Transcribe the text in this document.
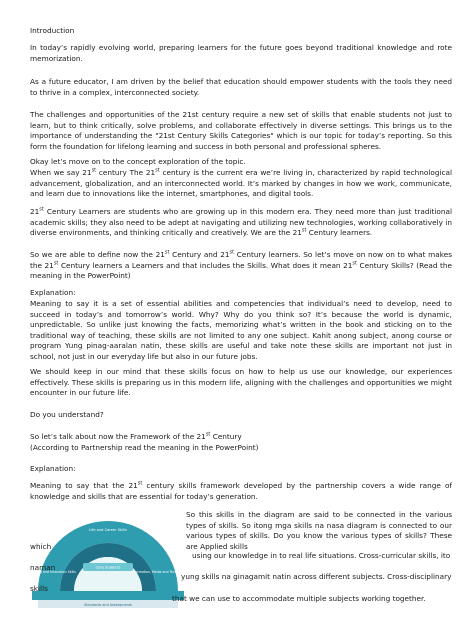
Introduction

In today’s rapidly evolving world, preparing learners for the future goes beyond traditional knowledge and rote memorization.

As a future educator, I am driven by the belief that education should empower students with the tools they need to thrive in a complex, interconnected society.

The challenges and opportunities of the 21st century require a new set of skills that enable students not just to learn, but to think critically, solve problems, and collaborate effectively in diverse settings. This brings us to the importance of understanding the "21st Century Skills Categories" which is our topic for today’s reporting. So this form the foundation for lifelong learning and success in both personal and professional spheres.

Okay let’s move on to the concept exploration of the topic.

When we say 21st century The 21st century is the current era we’re living in, characterized by rapid technological advancement, globalization, and an interconnected world. It’s marked by changes in how we work, communicate, and learn due to innovations like the internet, smartphones, and digital tools.

21st Century Learners are students who are growing up in this modern era. They need more than just traditional academic skills; they also need to be adept at navigating and utilizing new technologies, working collaboratively in diverse environments, and thinking critically and creatively. We are the 21st Century learners.

So we are able to define now the 21st Century and 21st Century learners. So let’s move on now on to what makes the 21st Century learners a Learners and that includes the Skills. What does it mean 21st Century Skills? (Read the meaning in the PowerPoint)

Explanation:

Meaning to say it is a set of essential abilities and competencies that individual’s need to develop, need to succeed in today’s and tomorrow’s world. Why? Why do you think so? It’s because the world is dynamic, unpredictable. So unlike just knowing the facts, memorizing what’s written in the book and sticking on to the traditional way of teaching, these skills are not limited to any one subject. Kahit anong subject, anong course or program Yung pinag-aaralan natin, these skills are useful and take note these skills are important not just in school, not just in our everyday life but also in our future jobs.

We should keep in our mind that these skills focus on how to help us use our knowledge, our experiences effectively. These skills is preparing us in this modern life, aligning with the challenges and opportunities we might encounter in our future life.

Do you understand?

So let’s talk about now the Framework of the 21st Century
(According to Partnership read the meaning in the PowerPoint)

Explanation:

Meaning to say that the 21st century skills framework developed by the partnership covers a wide range of knowledge and skills that are essential for today’s generation.

Life and Career Skills
Learning and Innovation Skills	Information, Media and Technology Skills
Core Subjects
Standards and Assessments
So this skills in the diagram are said to be connected in the various types of skills. So itong mga skills na nasa diagram is connected to our various types of skills. Do you know the various types of skills? These are Applied skills
which
using our knowledge in to real life situations. Cross-curricular skills, ito
naman
yung skills na ginagamit natin across different subjects. Cross-disciplinary
skills
that we can use to accommodate multiple subjects working together.
